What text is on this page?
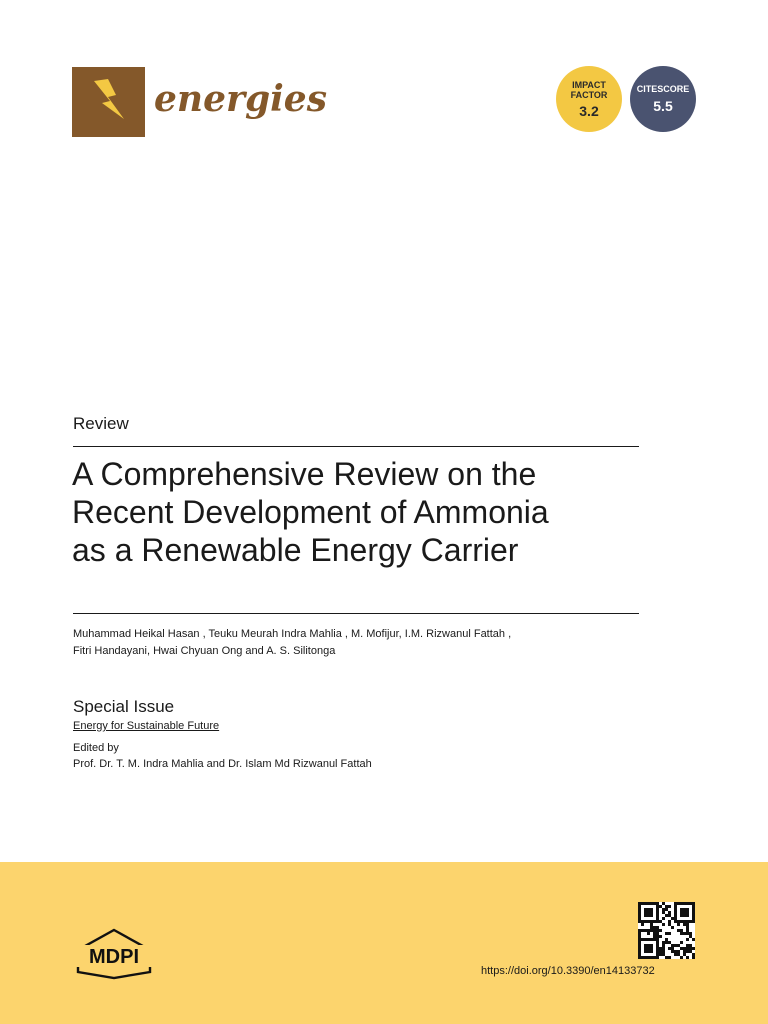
energies	IMPACT
FACTOR
3.2
CITESCORE
5.5
Review
A Comprehensive Review on the
Recent Development of Ammonia
as a Renewable Energy Carrier
Muhammad Heikal Hasan , Teuku Meurah Indra Mahlia , M. Mofijur, I.M. Rizwanul Fattah ,
Fitri Handayani, Hwai Chyuan Ong and A. S. Silitonga
Special Issue
Energy for Sustainable Future
Edited by
Prof. Dr. T. M. Indra Mahlia and Dr. Islam Md Rizwanul Fattah
MDPI
https://doi.org/10.3390/en14133732
